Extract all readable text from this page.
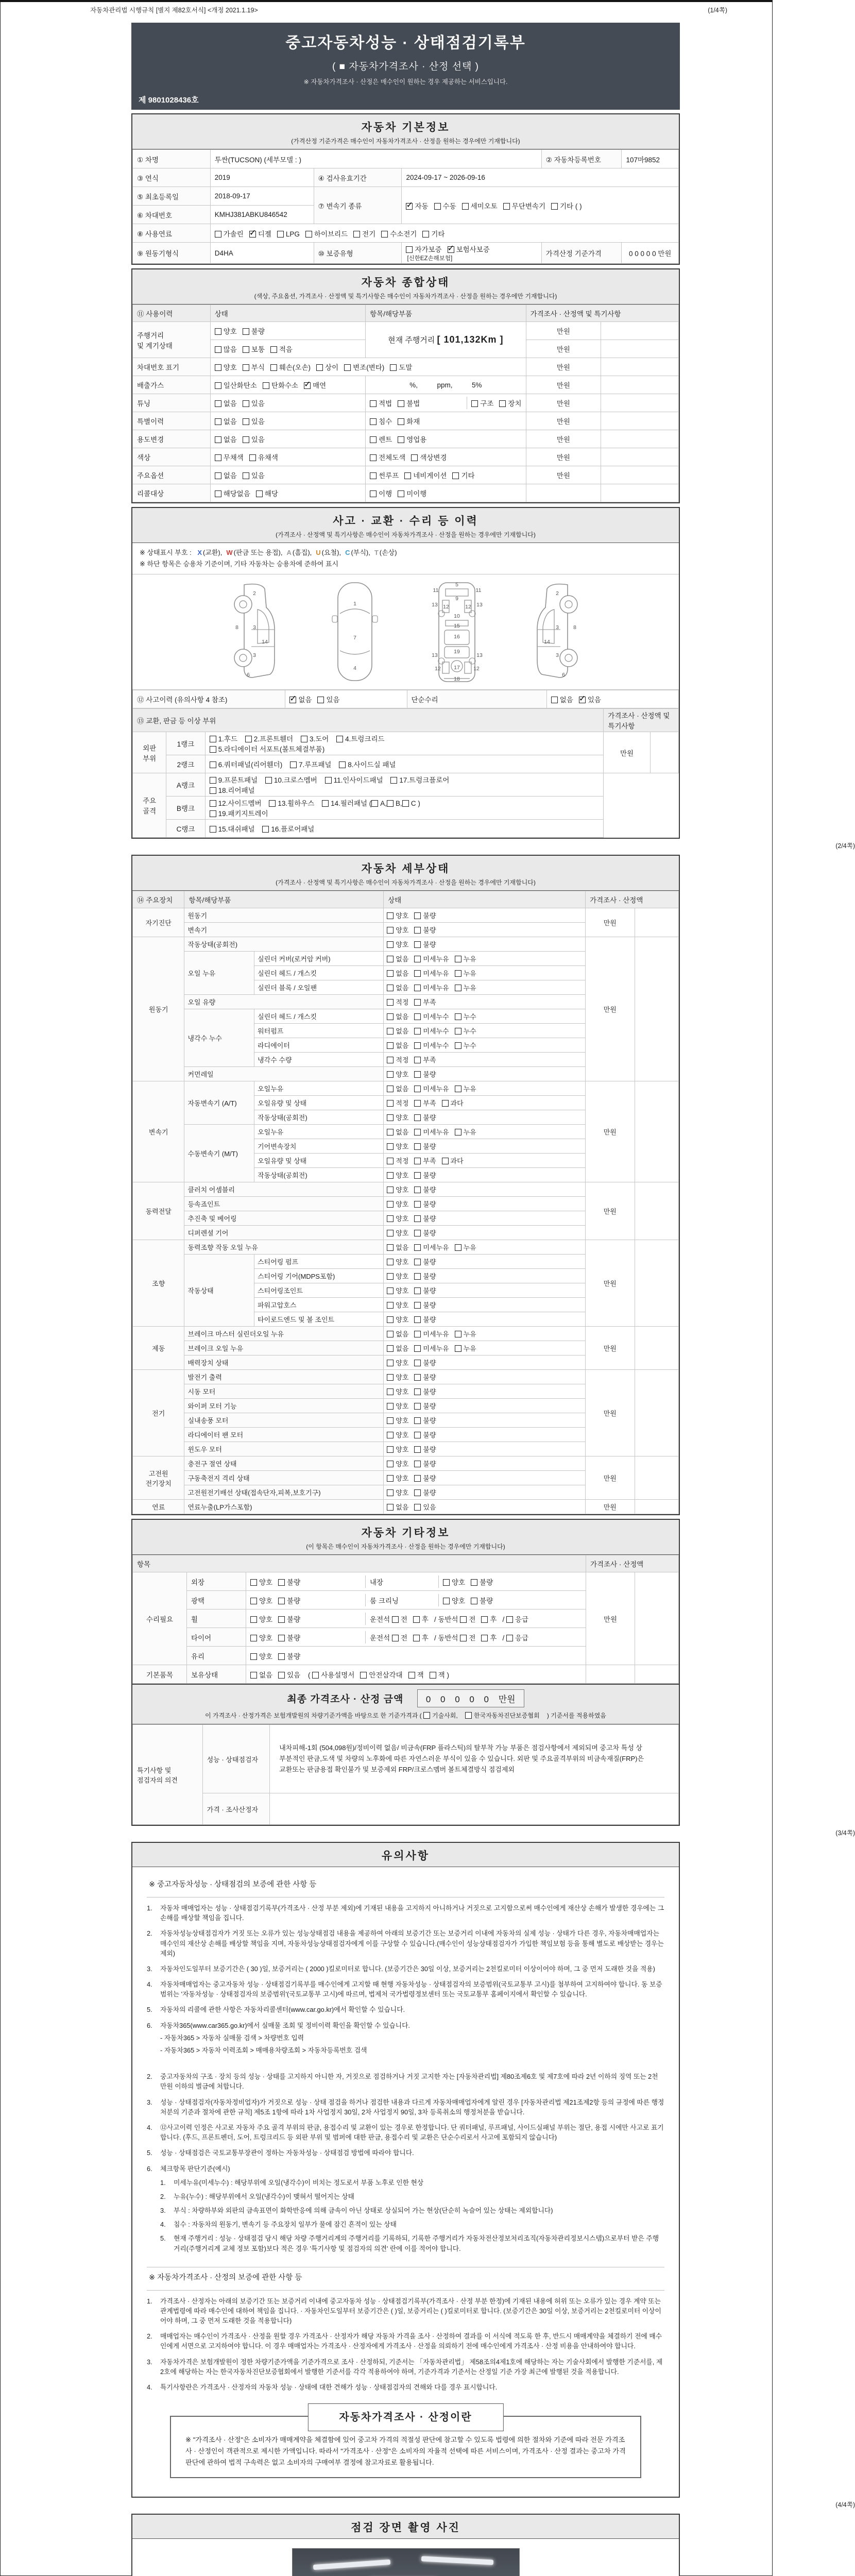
자동차관리법 시행규칙 [별지 제82호서식] <개정 2021.1.19>	(1/4쪽)
중고자동차성능 · 상태점검기록부
( ■ 자동차가격조사 · 산정 선택 )
※ 자동차가격조사 · 산정은 매수인이 원하는 경우 제공하는 서비스입니다.
제 9801028436호
자동차 기본정보
(가격산정 기준가격은 매수인이 자동차가격조사 · 산정을 원하는 경우에만 기재합니다)
① 차명	투싼(TUCSON) (세부모델 : )			② 자동차등록번호	107마9852
③ 연식	2019	④ 검사유효기간	2024-09-17 ~ 2026-09-16		
⑤ 최초등록일	2018-09-17	⑦ 변속기 종류	✓자동 수동 세미오토 무단변속기 기타 ( )
⑥ 차대번호	KMHJ381ABKU846542				
⑧ 사용연료	가솔린 ✓ 디젤 LPG 하이브리드 전기 수소전기 기타
⑨ 원동기형식	D4HA	⑩ 보증유형	자가보증 ✓ 보험사보증[신한EZ손해보험]	가격산정 기준가격	0 0 0 0 0 만원
자동차 종합상태
(색상, 주요옵션, 가격조사 · 산정액 및 특기사항은 매수인이 자동차가격조사 · 산정을 원하는 경우에만 기재합니다)
⑪ 사용이력	상태	항목/해당부품	가격조사 · 산정액 및 특기사항	
주행거리
및 계기상태	양호 불량	현재 주행거리 [ 101,132Km ]	만원	
	많음 보통 적음		만원	
차대번호 표기	양호 부식 훼손(오손) 상이 변조(변타) 도말		만원	
배출가스	일산화탄소 탄화수소 ✓ 매연	%,          ppm,          5%	만원	
튜닝	없음 있음	적법 불법 구조 장치	만원	
특별이력	없음 있음	침수 화재	만원	
용도변경	없음 있음	렌트 영업용	만원	
색상	무채색 유채색	전체도색 색상변경	만원	
주요옵션	없음 있음	썬루프 네비게이션 기타	만원	
리콜대상	해당없음 해당	이행 미이행		
사고 · 교환 · 수리 등 이력
(가격조사 · 산정액 및 특기사항은 매수인이 자동차가격조사 · 산정을 원하는 경우에만 기재합니다)
※ 상태표시 부호 : X (교환), W (판금 또는 용접), A (흠집), U (요철), C (부식), T (손상)
※ 하단 항목은 승용차 기준이며, 기타 자동차는 승용차에 준하여 표시
2
8	3
14
3
6
1
7
4
5
11	11
13 12	12 13
9
10
15
16
13	13
19
12	12
17
18
2
3	8
14
3
6
⑫ 사고이력 (유의사항 4 참조)	✓없음 있음	단순수리	없음 ✓ 있음
⑬ 교환, 판금 등 이상 부위			가격조사 · 산정액 및 특기사항	
외판
부위	1랭크	
1.후드 2.프론트휀더 3.도어 4.트렁크리드
5.라디에이터 서포트(볼트체결부품)	만원	
	2랭크	6.쿼터패널(리어휀더) 7.루프패널 8.사이드실 패널		

주요
골격	A랭크	
9.프론트패널 10.크로스멤버 11.인사이드패널 17.트렁크플로어
18.리어패널

	B랭크	12.사이드멤버 13.휠하우스 14.필러패널 ( A, B, C )
19.패키지트레이		

	C랭크	15.대쉬패널 16.플로어패널		
(2/4쪽)
자동차 세부상태
(가격조사 · 산정액 및 특기사항은 매수인이 자동차가격조사 · 산정을 원하는 경우에만 기재합니다)
⑭ 주요장치	항목/해당부품		상태	가격조사 · 산정액	
자기진단	원동기		양호 불량	만원	
	변속기		양호 불량		
원동기	작동상태(공회전)		양호 불량	만원	
	오일 누유	실린더 커버(로커암 커버)	없음 미세누유 누유		
		실린더 헤드 / 개스킷	없음 미세누유 누유		
		실린더 블록 / 오일팬	없음 미세누유 누유		
	오일 유량		적정 부족		
	냉각수 누수	실린더 헤드 / 개스킷	없음 미세누수 누수		
		워터펌프	없음 미세누수 누수		
		라디에이터	없음 미세누수 누수		
		냉각수 수량	적정 부족		
	커먼레일		양호 불량		
변속기	자동변속기 (A/T)	오일누유	없음 미세누유 누유	만원	
		오일유량 및 상태	적정 부족 과다		
		작동상태(공회전)	양호 불량		
	수동변속기 (M/T)	오일누유	없음 미세누유 누유		
		기어변속장치	양호 불량		
		오일유량 및 상태	적정 부족 과다		
		작동상태(공회전)	양호 불량		
동력전달	클러치 어셈블리		양호 불량	만원	
	등속죠인트		양호 불량		
	추진축 및 베어링		양호 불량		
	디퍼렌셜 기어		양호 불량		
조향	동력조향 작동 오일 누유		없음 미세누유 누유	만원	
	작동상태	스티어링 펌프	양호 불량		
		스티어링 기어(MDPS포함)	양호 불량		
		스티어링조인트	양호 불량		
		파워고압호스	양호 불량		
		타이로드엔드 및 볼 조인트	양호 불량		
제동	브레이크 마스터 실린더오일 누유		없음 미세누유 누유	만원	
	브레이크 오일 누유		없음 미세누유 누유		
	배력장치 상태		양호 불량		
전기	발전기 출력		양호 불량	만원	
	시동 모터		양호 불량		
	와이퍼 모터 기능		양호 불량		
	실내송풍 모터		양호 불량		
	라디에이터 팬 모터		양호 불량		
	윈도우 모터		양호 불량		
고전원 전기장치	충전구 절연 상태		양호 불량	만원	
	구동축전지 격리 상태		양호 불량		
	고전원전기배선 상태(접속단자,피복,보호기구)		양호 불량		
연료	연료누출(LP가스포함)		없음 있음	만원	
자동차 기타정보
(이 항목은 매수인이 자동차가격조사 · 산정을 원하는 경우에만 기재합니다)
항목			가격조사 · 산정액	
수리필요	외장	양호 불량 내장 양호 불량	만원	
	광택	양호 불량 룸 크리닝 양호 불량		

	휠	양호 불량 운전석 전 후 / 동반석 전 후 / 응급		

	타이어	양호 불량 운전석 전 후 / 동반석 전 후 / 응급		

	유리	양호 불량		
기본품목	보유상태	없음 있음 ( 사용설명서 안전삼각대 잭 잭 )		
최종 가격조사 · 산정 금액	0 0 0 0 0 만원
이 가격조사 · 산정가격은 보험개발원의 차량기준가액을 바탕으로 한 기준가격과 ( 기술사회,	한국자동차진단보증협회 ) 기준서를 적용하였음
특기사항 및
점검자의 의견	성능 · 상태점검자	내차피해-1회 (504,098원)/정비이력 없음/ 비금속(FRP 플라스틱)의 탈부착 가능 부품은 점검사항에서 제외되며 중고차 특성 상 부분적인 판금,도색 및 차량의 노후화에 따른 자연스러운 부식이 있을 수 있습니다. 외판 및 주요골격부위의 비금속재질(FRP)은 교환또는 판금용접 확인불가 및 보증제외 FRP/크로스멤버 볼트체결방식 점검제외

	가격 · 조사산정자	
(3/4쪽)
유의사항
※ 중고자동차성능 · 상태점검의 보증에 관한 사항 등
1.	자동차 매매업자는 성능 · 상태점검기록부(가격조사 · 산정 부분 제외)에 기재된 내용을 고지하지 아니하거나 거짓으로 고지함으로써 매수인에게 재산상 손해가 발생한 경우에는 그 손해를 배상할 책임을 집니다.
2.	자동차성능상태점검자가 거짓 또는 오류가 있는 성능상태점검 내용을 제공하여 아래의 보증기간 또는 보증거리 이내에 자동차의 실제 성능 · 상태가 다른 경우, 자동차매매업자는 매수인의 재산상 손해를 배상할 책임을 지며, 자동차성능상태점검자에게 이를 구상할 수 있습니다.(매수인이 성능상태점검자가 가입한 책임보험 등을 통해 별도로 배상받는 경우는 제외)
3.	자동차인도일부터 보증기간은 ( 30 )일, 보증거리는 ( 2000 )킬로미터로 합니다. (보증기간은 30일 이상, 보증거리는 2천킬로미터 이상이어야 하며, 그 중 먼저 도래한 것을 적용)
4.	자동차매매업자는 중고자동차 성능 · 상태점검기록부를 매수인에게 고지할 때 현행 자동차성능 · 상태점검자의 보증범위(국토교통부 고시)를 첨부하여 고지하여야 합니다. 동 보증범위는 '자동차성능 · 상태점검자의 보증범위'(국토교통부 고시)에 따르며, 법제처 국가법령정보센터 또는 국토교통부 홈페이지에서 확인할 수 있습니다.
5.	자동차의 리콜에 관한 사항은 자동차리콜센터(www.car.go.kr)에서 확인할 수 있습니다.
6.	자동차365(www.car365.go.kr)에서 실매물 조회 및 정비이력 확인을 확인할 수 있습니다.
- 자동차365 > 자동차 실매물 검색 > 차량번호 입력
- 자동차365 > 자동차 이력조회 > 매매용차량조회 > 자동차등록번호 검색
2.	중고자동차의 구조 · 장치 등의 성능 · 상태를 고지하지 아니한 자, 거짓으로 점검하거나 거짓 고지한 자는 [자동차관리법] 제80조제6호 및 제7호에 따라 2년 이하의 징역 또는 2천만원 이하의 벌금에 처합니다.
3.	성능 · 상태점검자(자동차정비업자)가 거짓으로 성능 · 상태 점검을 하거나 점검한 내용과 다르게 자동차매매업자에게 알린 경우 [자동차관리법 제21조제2항 등의 규정에 따른 행정처분의 기준과 절차에 관한 규칙] 제5조 1항에 따라 1차 사업정지 30일, 2차 사업정지 90일, 3차 등록취소의 행정처분을 받습니다.
4.	⑫사고이력 인정은 사고로 자동차 주요 골격 부위의 판금, 용접수리 및 교환이 있는 경우로 한정합니다. 단 쿼터패널, 루프패널, 사이드실패널 부위는 절단, 용접 시에만 사고로 표기합니다. (후드, 프론트펜더, 도어, 트렁크리드 등 외판 부위 및 범퍼에 대한 판금, 용접수리 및 교환은 단순수리로서 사고에 포함되지 않습니다)
5.	성능 · 상태점검은 국토교통부장관이 정하는 자동차성능 · 상태점검 방법에 따라야 합니다.
6.	체크항목 판단기준(예시)
1.	미세누유(미세누수) : 해당부위에 오일(냉각수)이 비치는 정도로서 부품 노후로 인한 현상
2.	누유(누수) : 해당부위에서 오일(냉각수)이 맺혀서 떨어지는 상태
3.	부식 : 차량하부와 외판의 금속표면이 화학반응에 의해 금속이 아닌 상태로 상실되어 가는 현상(단순히 녹슬어 있는 상태는 제외합니다)
4.	침수 : 자동차의 원동기, 변속기 등 주요장치 일부가 물에 잠긴 흔적이 있는 상태
5.	현재 주행거리 : 성능 · 상태점검 당시 해당 차량 주행거리계의 주행거리를 기록하되, 기록한 주행거리가 자동차전산정보처리조직(자동차관리정보시스템)으로부터 받은 주행거리(주행거리계 교체 정보 포함)보다 적은 경우 '특기사항 및 점검자의 의견' 란에 이를 적어야 합니다.
※ 자동차가격조사 · 산정의 보증에 관한 사항 등
1.	가격조사 · 산정자는 아래의 보증기간 또는 보증거리 이내에 중고자동차 성능 · 상태점검기록부(가격조사 · 산정 부분 한정)에 기재된 내용에 허위 또는 오류가 있는 경우 계약 또는 관계법령에 따라 매수인에 대하여 책임을 집니다. · 자동차인도일부터 보증기간은 ( )일, 보증거리는 ( )킬로미터로 합니다. (보증기간은 30일 이상, 보증거리는 2천킬로미터 이상이어야 하며, 그 중 먼저 도래한 것을 적용합니다)
2.	매매업자는 매수인이 가격조사 · 산정을 원할 경우 가격조사 · 산정자가 해당 자동차 가격을 조사 · 산정하여 결과를 이 서식에 적도록 한 후, 반드시 매매계약을 체결하기 전에 매수인에게 서면으로 고지하여야 합니다. 이 경우 매매업자는 가격조사 · 산정자에게 가격조사 · 산정을 의뢰하기 전에 매수인에게 가격조사 · 산정 비용을 안내하여야 합니다.
3.	자동차가격은 보험개발원이 정한 차량기준가액을 기준가격으로 조사 · 산정하되, 기준서는 「자동차관리법」 제58조의4제1호에 해당하는 자는 기술사회에서 발행한 기준서를, 제2호에 해당하는 자는 한국자동차진단보증협회에서 발행한 기준서를 각각 적용하여야 하며, 기준가격과 기준서는 산정일 기준 가장 최근에 발행된 것을 적용합니다.
4.	특기사항란은 가격조사 · 산정자의 자동차 성능 · 상태에 대한 견해가 성능 · 상태점검자의 견해와 다를 경우 표시합니다.
자동차가격조사 · 산정이란
※ "가격조사 · 산정"은 소비자가 매매계약을 체결함에 있어 중고차 가격의 적절성 판단에 참고할 수 있도록 법령에 의한 절차와 기준에 따라 전문 가격조사 · 산정인이 객관적으로 제시한 가액입니다. 따라서 "가격조사 · 산정"은 소비자의 자율적 선택에 따른 서비스이며, 가격조사 · 산정 결과는 중고차 가격판단에 관하여 법적 구속력은 없고 소비자의 구매여부 결정에 참고자료로 활용됩니다.
(4/4쪽)
점검 장면 촬영 사진
